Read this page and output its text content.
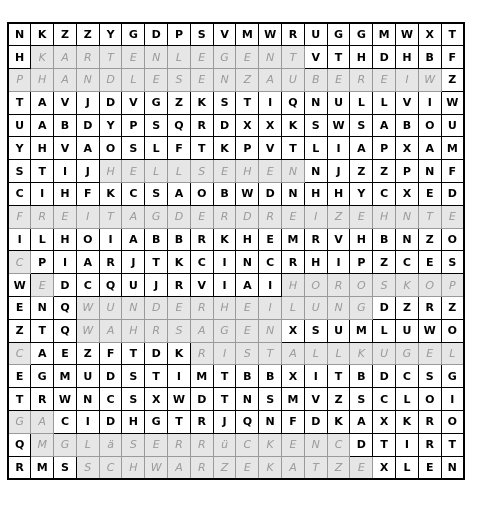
N	K	Z	Z	Y	G	D	P	S	V	M	W	R	U	G	G	M	W	X	T
H	K	A	R	T	E	N	L	E	G	E	N	T	V	T	H	D	H	B	F
P	H	A	N	D	L	E	S	E	N	Z	A	U	B	E	R	E	I	W	Z
T	A	V	J	D	V	G	Z	K	S	T	I	Q	N	U	L	L	V	I	W
U	A	B	D	Y	P	S	Q	R	D	X	X	K	S	W	S	A	B	O	U
Y	H	V	A	O	S	L	F	T	K	P	V	T	L	I	A	P	X	A	M
S	T	I	J	H	E	L	L	S	E	H	E	N	N	J	Z	Z	P	N	F
C	I	H	F	K	C	S	A	O	B	W	D	N	H	H	Y	C	X	E	D
F	R	E	I	T	A	G	D	E	R	D	R	E	I	Z	E	H	N	T	E
I	L	H	O	I	A	B	B	R	K	H	E	M	R	V	H	B	N	Z	O
C	P	I	A	R	J	T	K	C	I	N	C	R	H	I	P	Z	C	E	S
W	E	D	C	Q	U	J	R	V	I	A	I	H	O	R	O	S	K	O	P
E	N	Q	W	U	N	D	E	R	H	E	I	L	U	N	G	D	Z	R	Z
Z	T	Q	W	A	H	R	S	A	G	E	N	X	S	U	M	L	U	W	O
C	A	E	Z	F	T	D	K	R	I	S	T	A	L	L	K	U	G	E	L
E	G	M	U	D	S	T	I	M	T	B	B	X	I	T	B	D	C	S	G
T	R	W	N	C	S	X	W	D	T	N	S	M	V	Z	S	C	L	O	I
G	A	C	I	D	H	G	T	R	J	Q	N	F	D	K	A	X	K	R	O
Q	M	G	L	ä	S	E	R	R	ü	C	K	E	N	C	D	T	I	R	T
R	M	S	S	C	H	W	A	R	Z	E	K	A	T	Z	E	X	L	E	N
